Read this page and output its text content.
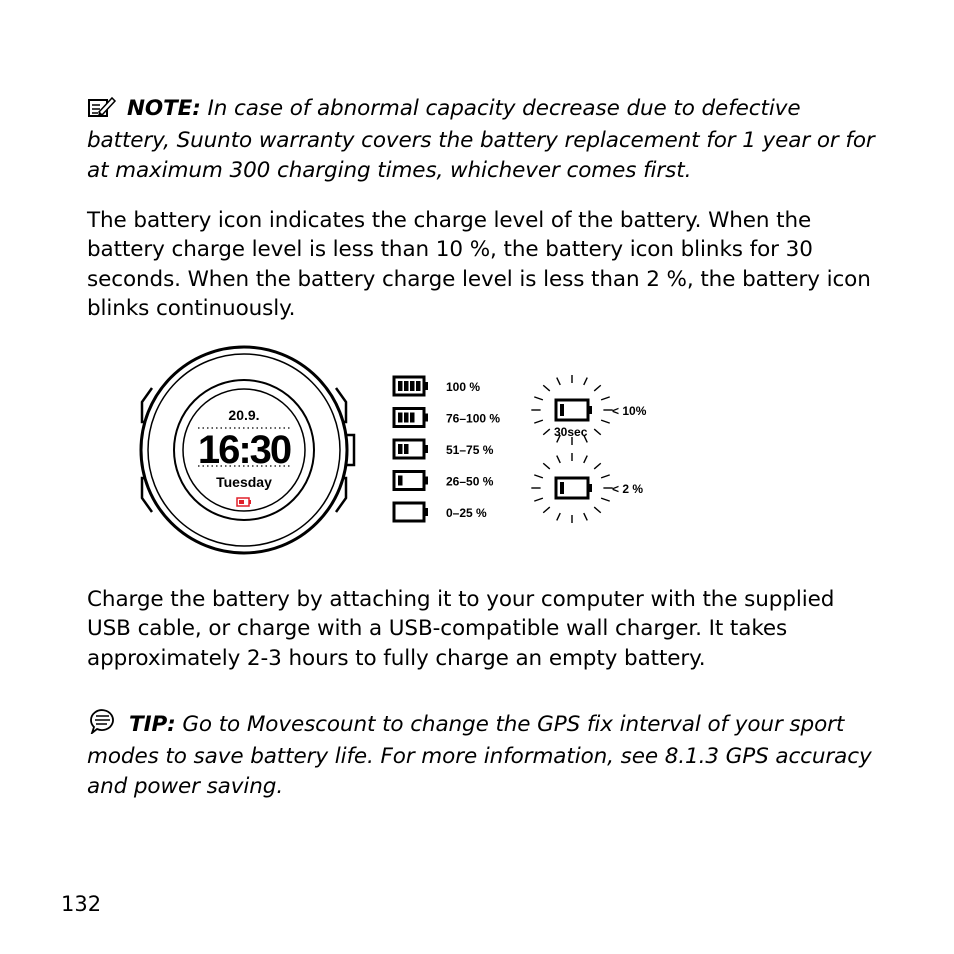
NOTE: In case of abnormal capacity decrease due to defective battery, Suunto warranty covers the battery replacement for 1 year or for at maximum 300 charging times, whichever comes first.
The battery icon indicates the charge level of the battery. When the battery charge level is less than 10 %, the battery icon blinks for 30 seconds. When the battery charge level is less than 2 %, the battery icon blinks continuously.
20.9.
16:30
Tuesday
100 %
76–100 %
51–75 %
26–50 %
0–25 %
< 10%
30sec
< 2 %
Charge the battery by attaching it to your computer with the supplied USB cable, or charge with a USB-compatible wall charger. It takes approximately 2-3 hours to fully charge an empty battery.
TIP: Go to Movescount to change the GPS fix interval of your sport modes to save battery life. For more information, see 8.1.3 GPS accuracy and power saving.
132
